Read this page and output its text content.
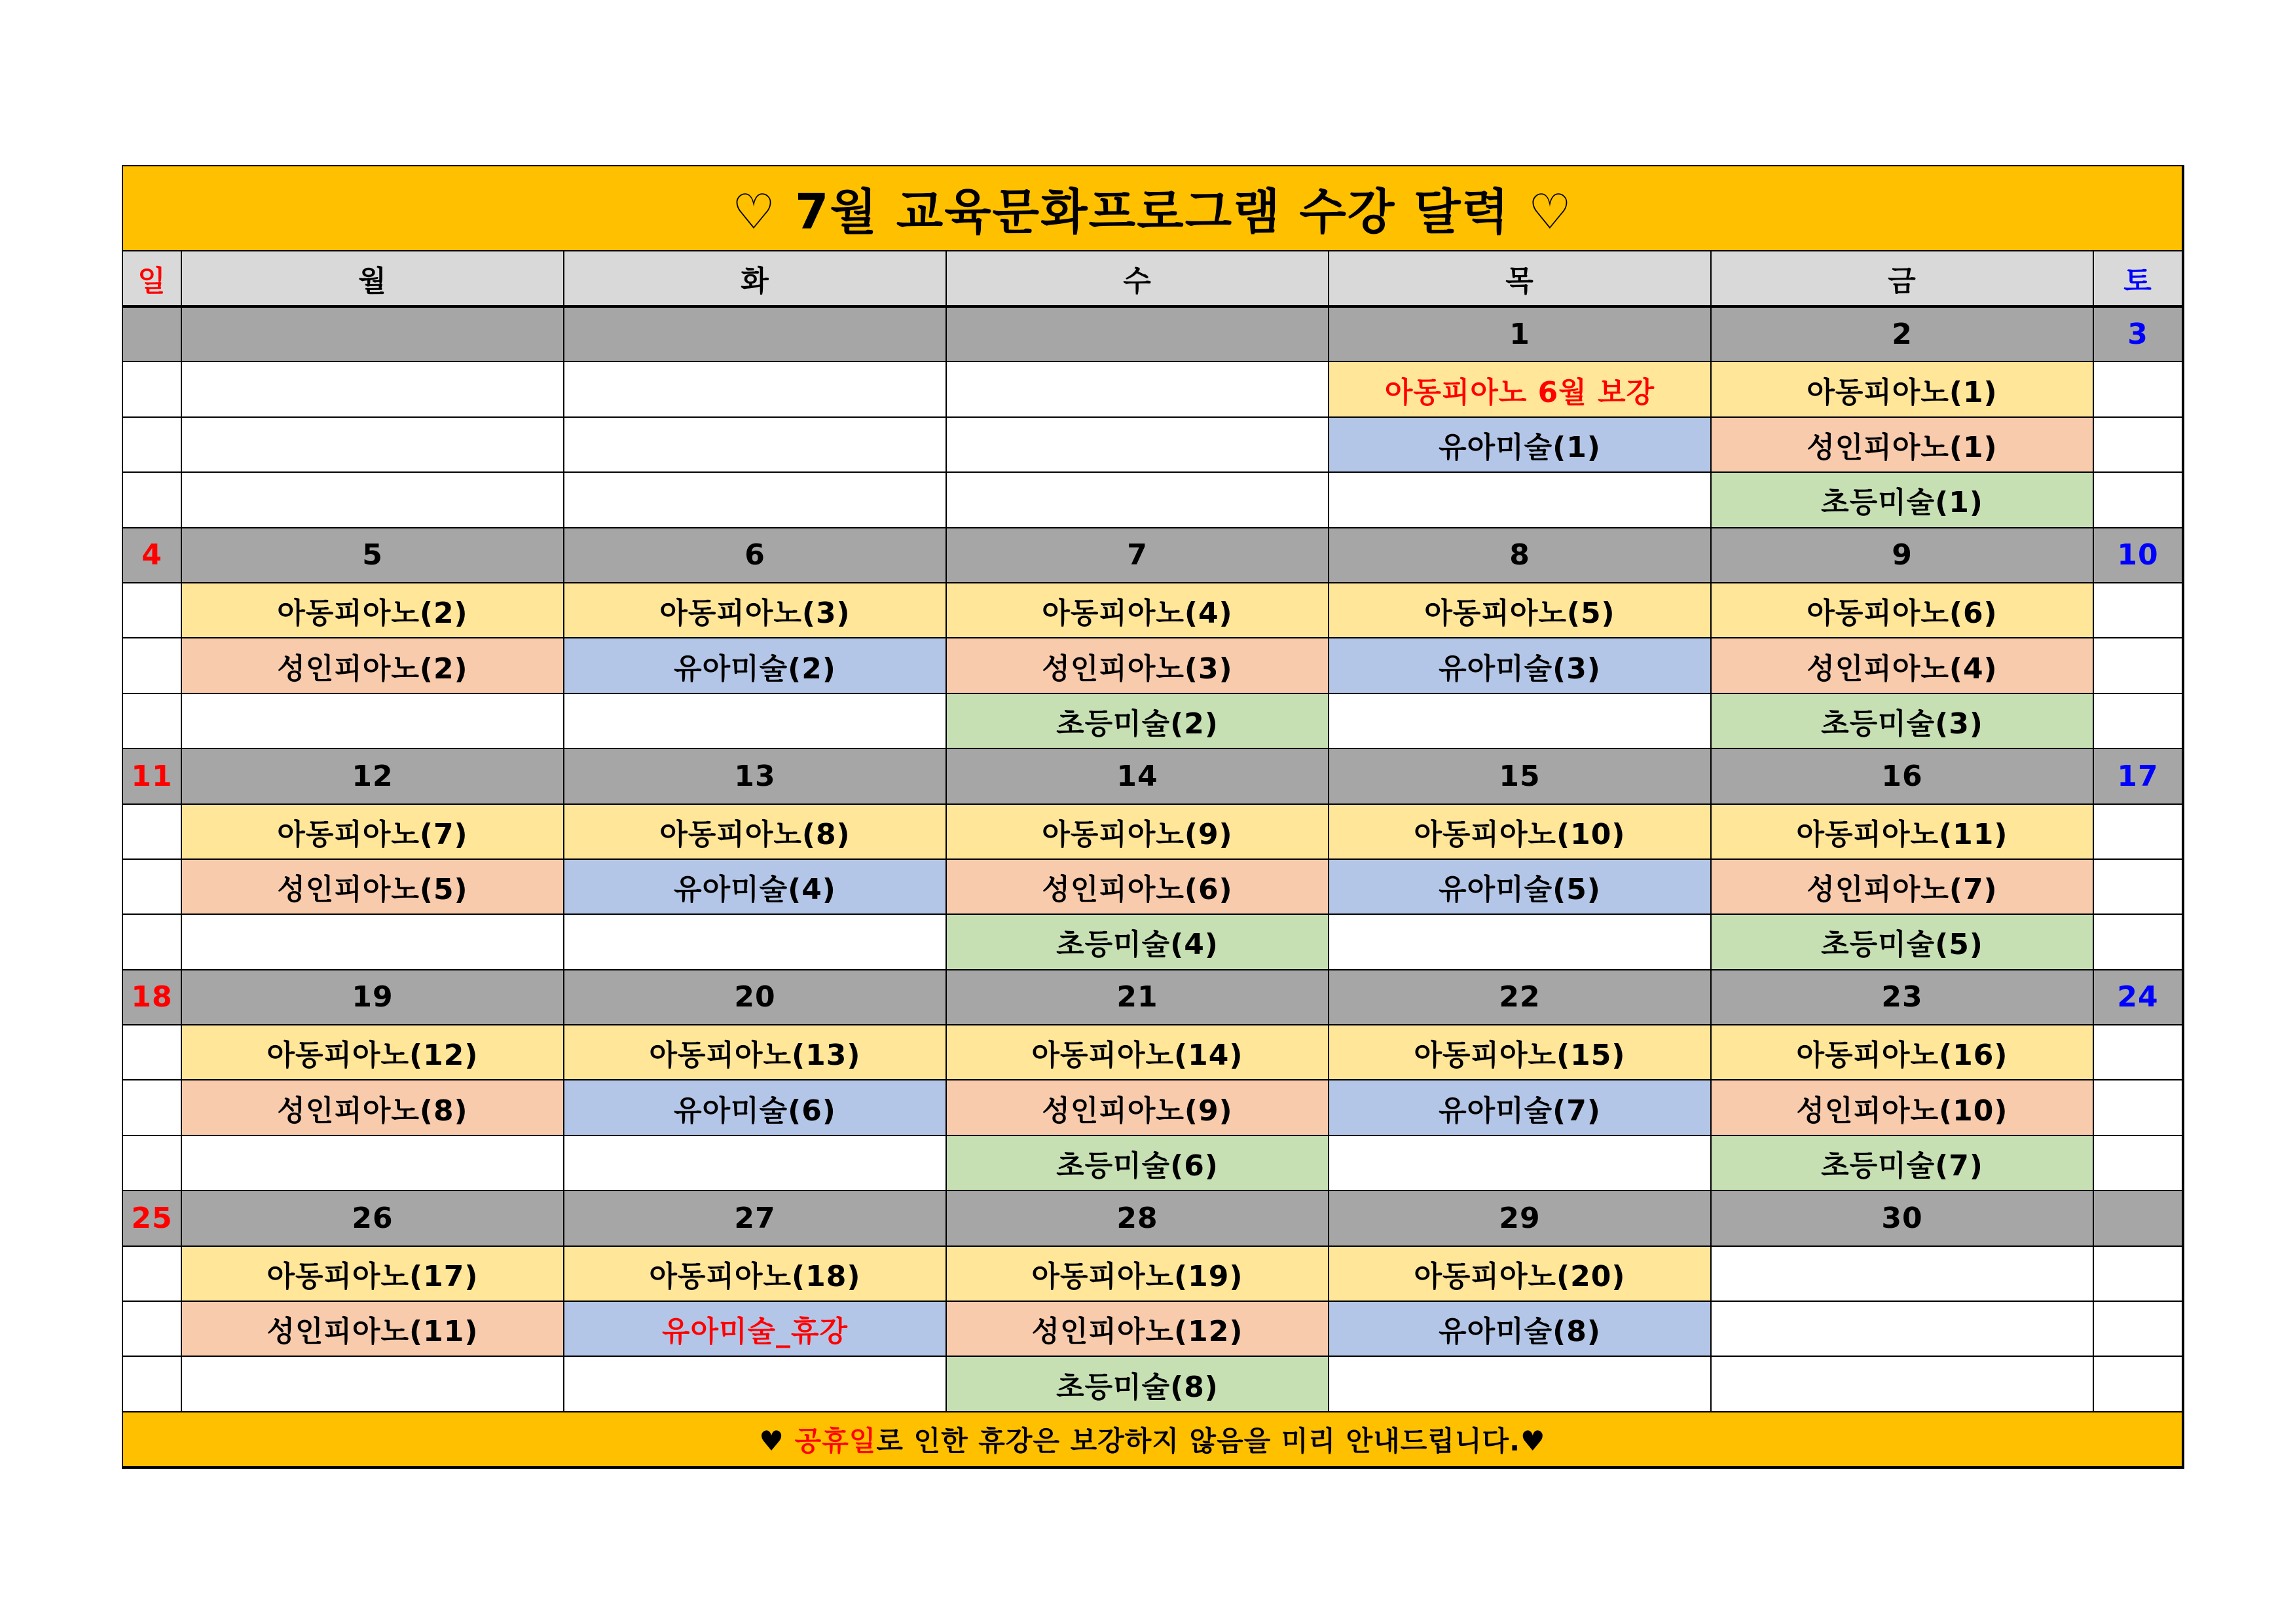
♡ 7월 교육문화프로그램 수강 달력 ♡						
일	월	화	수	목	금	토
				1	2	3
				아동피아노 6월 보강	아동피아노(1)	
				유아미술(1)	성인피아노(1)	
					초등미술(1)	
4	5	6	7	8	9	10
	아동피아노(2)	아동피아노(3)	아동피아노(4)	아동피아노(5)	아동피아노(6)	
	성인피아노(2)	유아미술(2)	성인피아노(3)	유아미술(3)	성인피아노(4)	
			초등미술(2)		초등미술(3)	
11	12	13	14	15	16	17
	아동피아노(7)	아동피아노(8)	아동피아노(9)	아동피아노(10)	아동피아노(11)	
	성인피아노(5)	유아미술(4)	성인피아노(6)	유아미술(5)	성인피아노(7)	
			초등미술(4)		초등미술(5)	
18	19	20	21	22	23	24
	아동피아노(12)	아동피아노(13)	아동피아노(14)	아동피아노(15)	아동피아노(16)	
	성인피아노(8)	유아미술(6)	성인피아노(9)	유아미술(7)	성인피아노(10)	
			초등미술(6)		초등미술(7)	
25	26	27	28	29	30	
	아동피아노(17)	아동피아노(18)	아동피아노(19)	아동피아노(20)		
	성인피아노(11)	유아미술_휴강	성인피아노(12)	유아미술(8)		
			초등미술(8)			
♥ 공휴일로 인한 휴강은 보강하지 않음을 미리 안내드립니다.♥						
